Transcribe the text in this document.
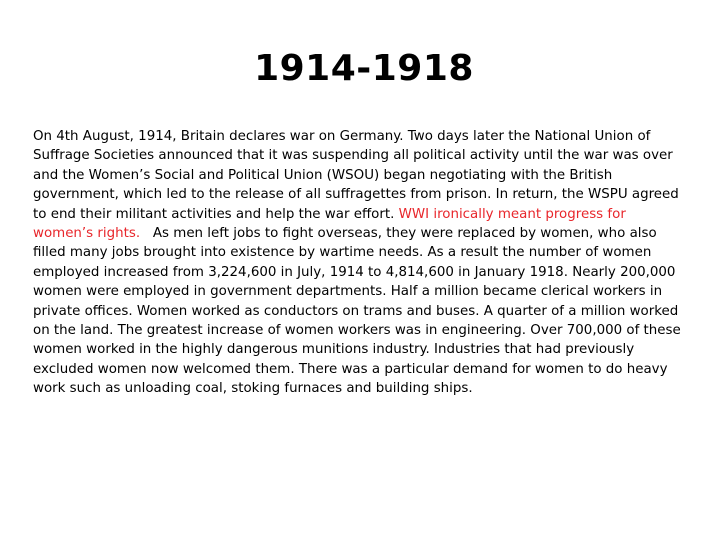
1914-1918

On 4th August, 1914, Britain declares war on Germany. Two days later the National Union of Suffrage Societies announced that it was suspending all political activity until the war was over and the Women’s Social and Political Union (WSOU) began negotiating with the British government, which led to the release of all suffragettes from prison. In return, the WSPU agreed to end their militant activities and help the war effort. WWI ironically meant progress for women’s rights.   As men left jobs to fight overseas, they were replaced by women, who also filled many jobs brought into existence by wartime needs. As a result the number of women employed increased from 3,224,600 in July, 1914 to 4,814,600 in January 1918. Nearly 200,000 women were employed in government departments. Half a million became clerical workers in private offices. Women worked as conductors on trams and buses. A quarter of a million worked on the land. The greatest increase of women workers was in engineering. Over 700,000 of these women worked in the highly dangerous munitions industry. Industries that had previously excluded women now welcomed them. There was a particular demand for women to do heavy work such as unloading coal, stoking furnaces and building ships.
